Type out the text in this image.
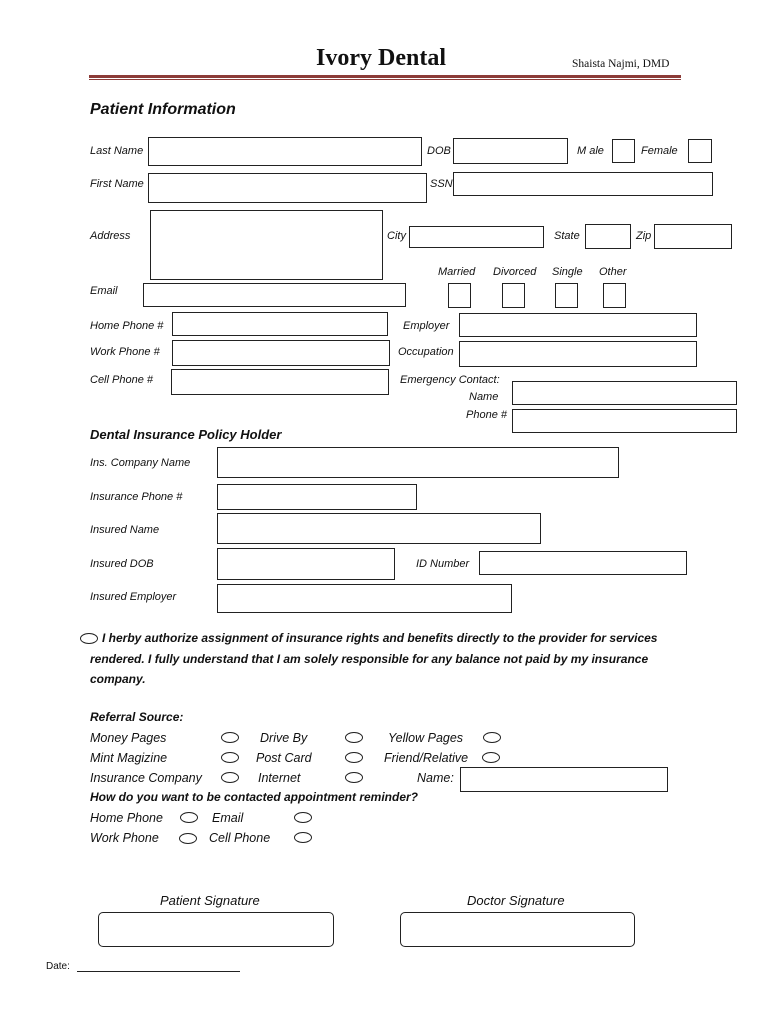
Ivory Dental	Shaista Najmi, DMD
Patient Information
Last Name	DOB	M ale	Female
First Name	SSN
Address	City	State	Zip
Married Divorced Single Other
Email
Home Phone #	Employer
Work Phone #	Occupation
Cell Phone #	Emergency Contact:
Name
Phone #
Dental Insurance Policy Holder
Ins. Company Name
Insurance Phone #
Insured Name
Insured DOB	ID Number
Insured Employer
I herby authorize assignment of insurance rights and benefits directly to the provider for services rendered. I fully understand that I am solely responsible for any balance not paid by my insurance company.
Referral Source:
Money Pages	Drive By	Yellow Pages
Mint Magizine	Post Card	Friend/Relative
Insurance Company	Internet	Name:
How do you want to be contacted appointment reminder?
Home Phone	Email
Work Phone	Cell Phone
Patient Signature	Doctor Signature
Date:
